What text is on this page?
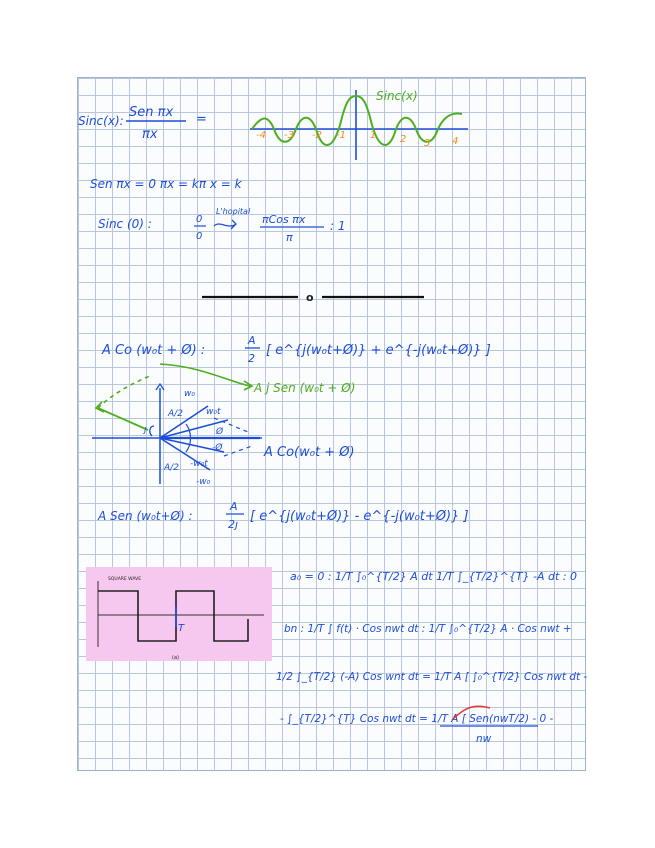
SQUARE WAVE
T
(a)
Sinc(x):
Sen πx
πx
=
Sinc(x)
-4 -3 -2 -1 1 2 3 4
Sen πx = 0 πx = kπ x = k
Sinc (0) :	0
0
L'hopital
πCos πx
π
: 1
o
A Co (w₀t + Ø) :
A
2
[ e^{j(w₀t+Ø)} + e^{-j(w₀t+Ø)} ]
A j Sen (w₀t + Ø)
w₀
A/2	w₀t
Ø
-Ø
A/2 -w₀t
-w₀
ȷ
A Co(w₀t + Ø)
A Sen (w₀t+Ø) :
A
2ȷ
[ e^{j(w₀t+Ø)} - e^{-j(w₀t+Ø)} ]
a₀ = 0 : 1/T ∫₀^{T/2} A dt 1/T ∫_{T/2}^{T} -A dt : 0
bn : 1/T ∫ f(t) · Cos nwt dt : 1/T ∫₀^{T/2} A · Cos nwt +
1/2 ∫_{T/2} (-A) Cos wnt dt = 1/T A [ ∫₀^{T/2} Cos nwt dt -
- ∫_{T/2}^{T} Cos nwt dt = 1/T A [ Sen(nwT/2) - 0 -
nw
